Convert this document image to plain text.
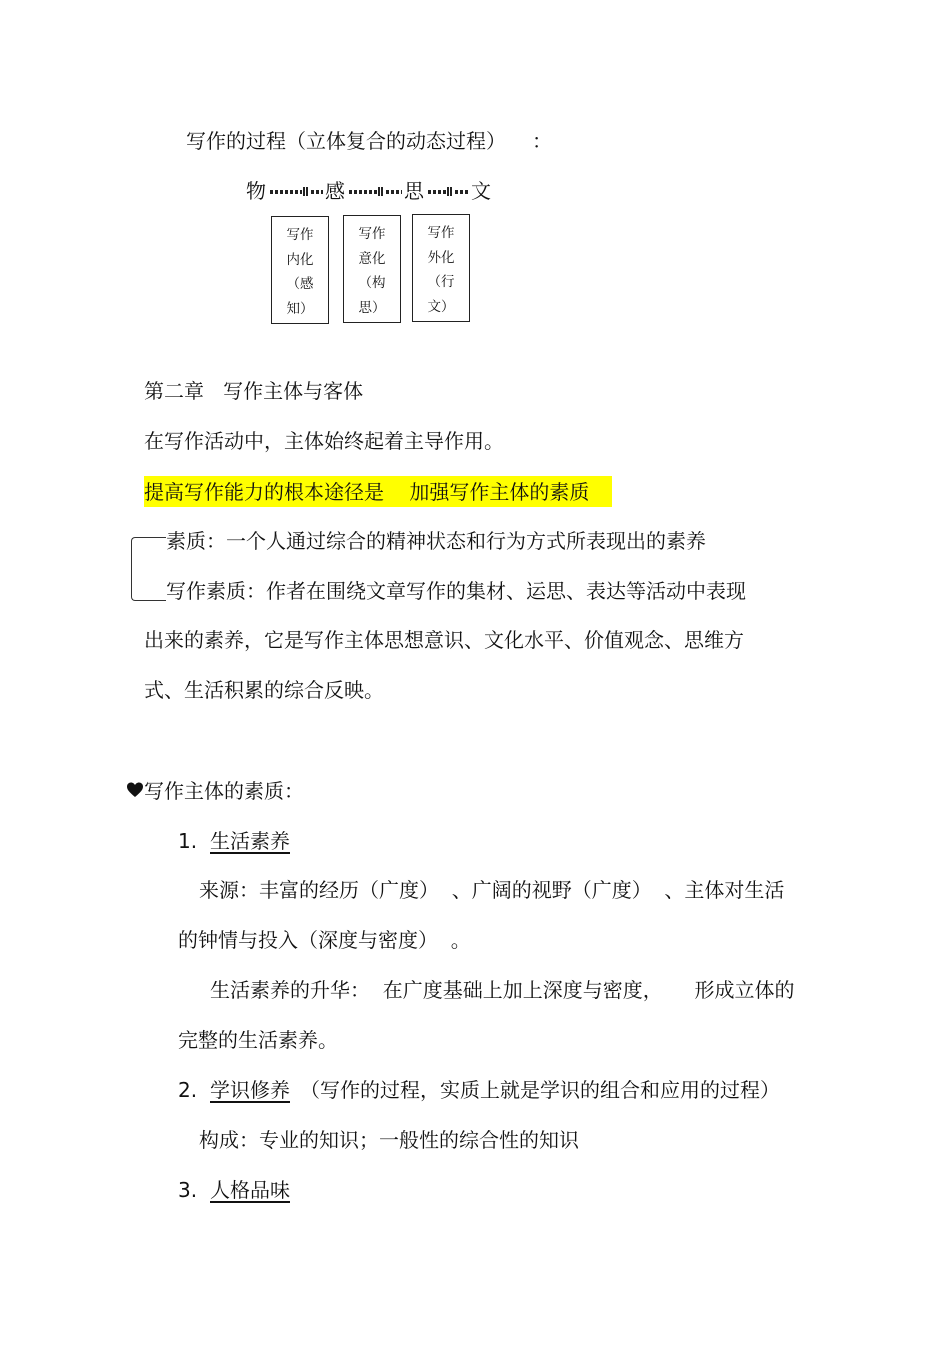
写作的过程（立体复合的动态过程） ：
物	感	思 文
写作
内化
（感
知）
写作
意化
（构
思）
写作
外化
（行
文）
第二章   写作主体与客体
在写作活动中，主体始终起着主导作用。
提高写作能力的根本途径是    加强写作主体的素质
素质：一个人通过综合的精神状态和行为方式所表现出的素养
写作素质：作者在围绕文章写作的集材、运思、表达等活动中表现
出来的素养，它是写作主体思想意识、文化水平、价值观念、思维方
式、生活积累的综合反映。
写作主体的素质：
1. 生活素养
来源：丰富的经历（广度）  、广阔的视野（广度）  、主体对生活
的钟情与投入（深度与密度）  。
生活素养的升华：  在广度基础上加上深度与密度，     形成立体的
完整的生活素养。
2. 学识修养 （写作的过程，实质上就是学识的组合和应用的过程）
构成：专业的知识；一般性的综合性的知识
3. 人格品味
